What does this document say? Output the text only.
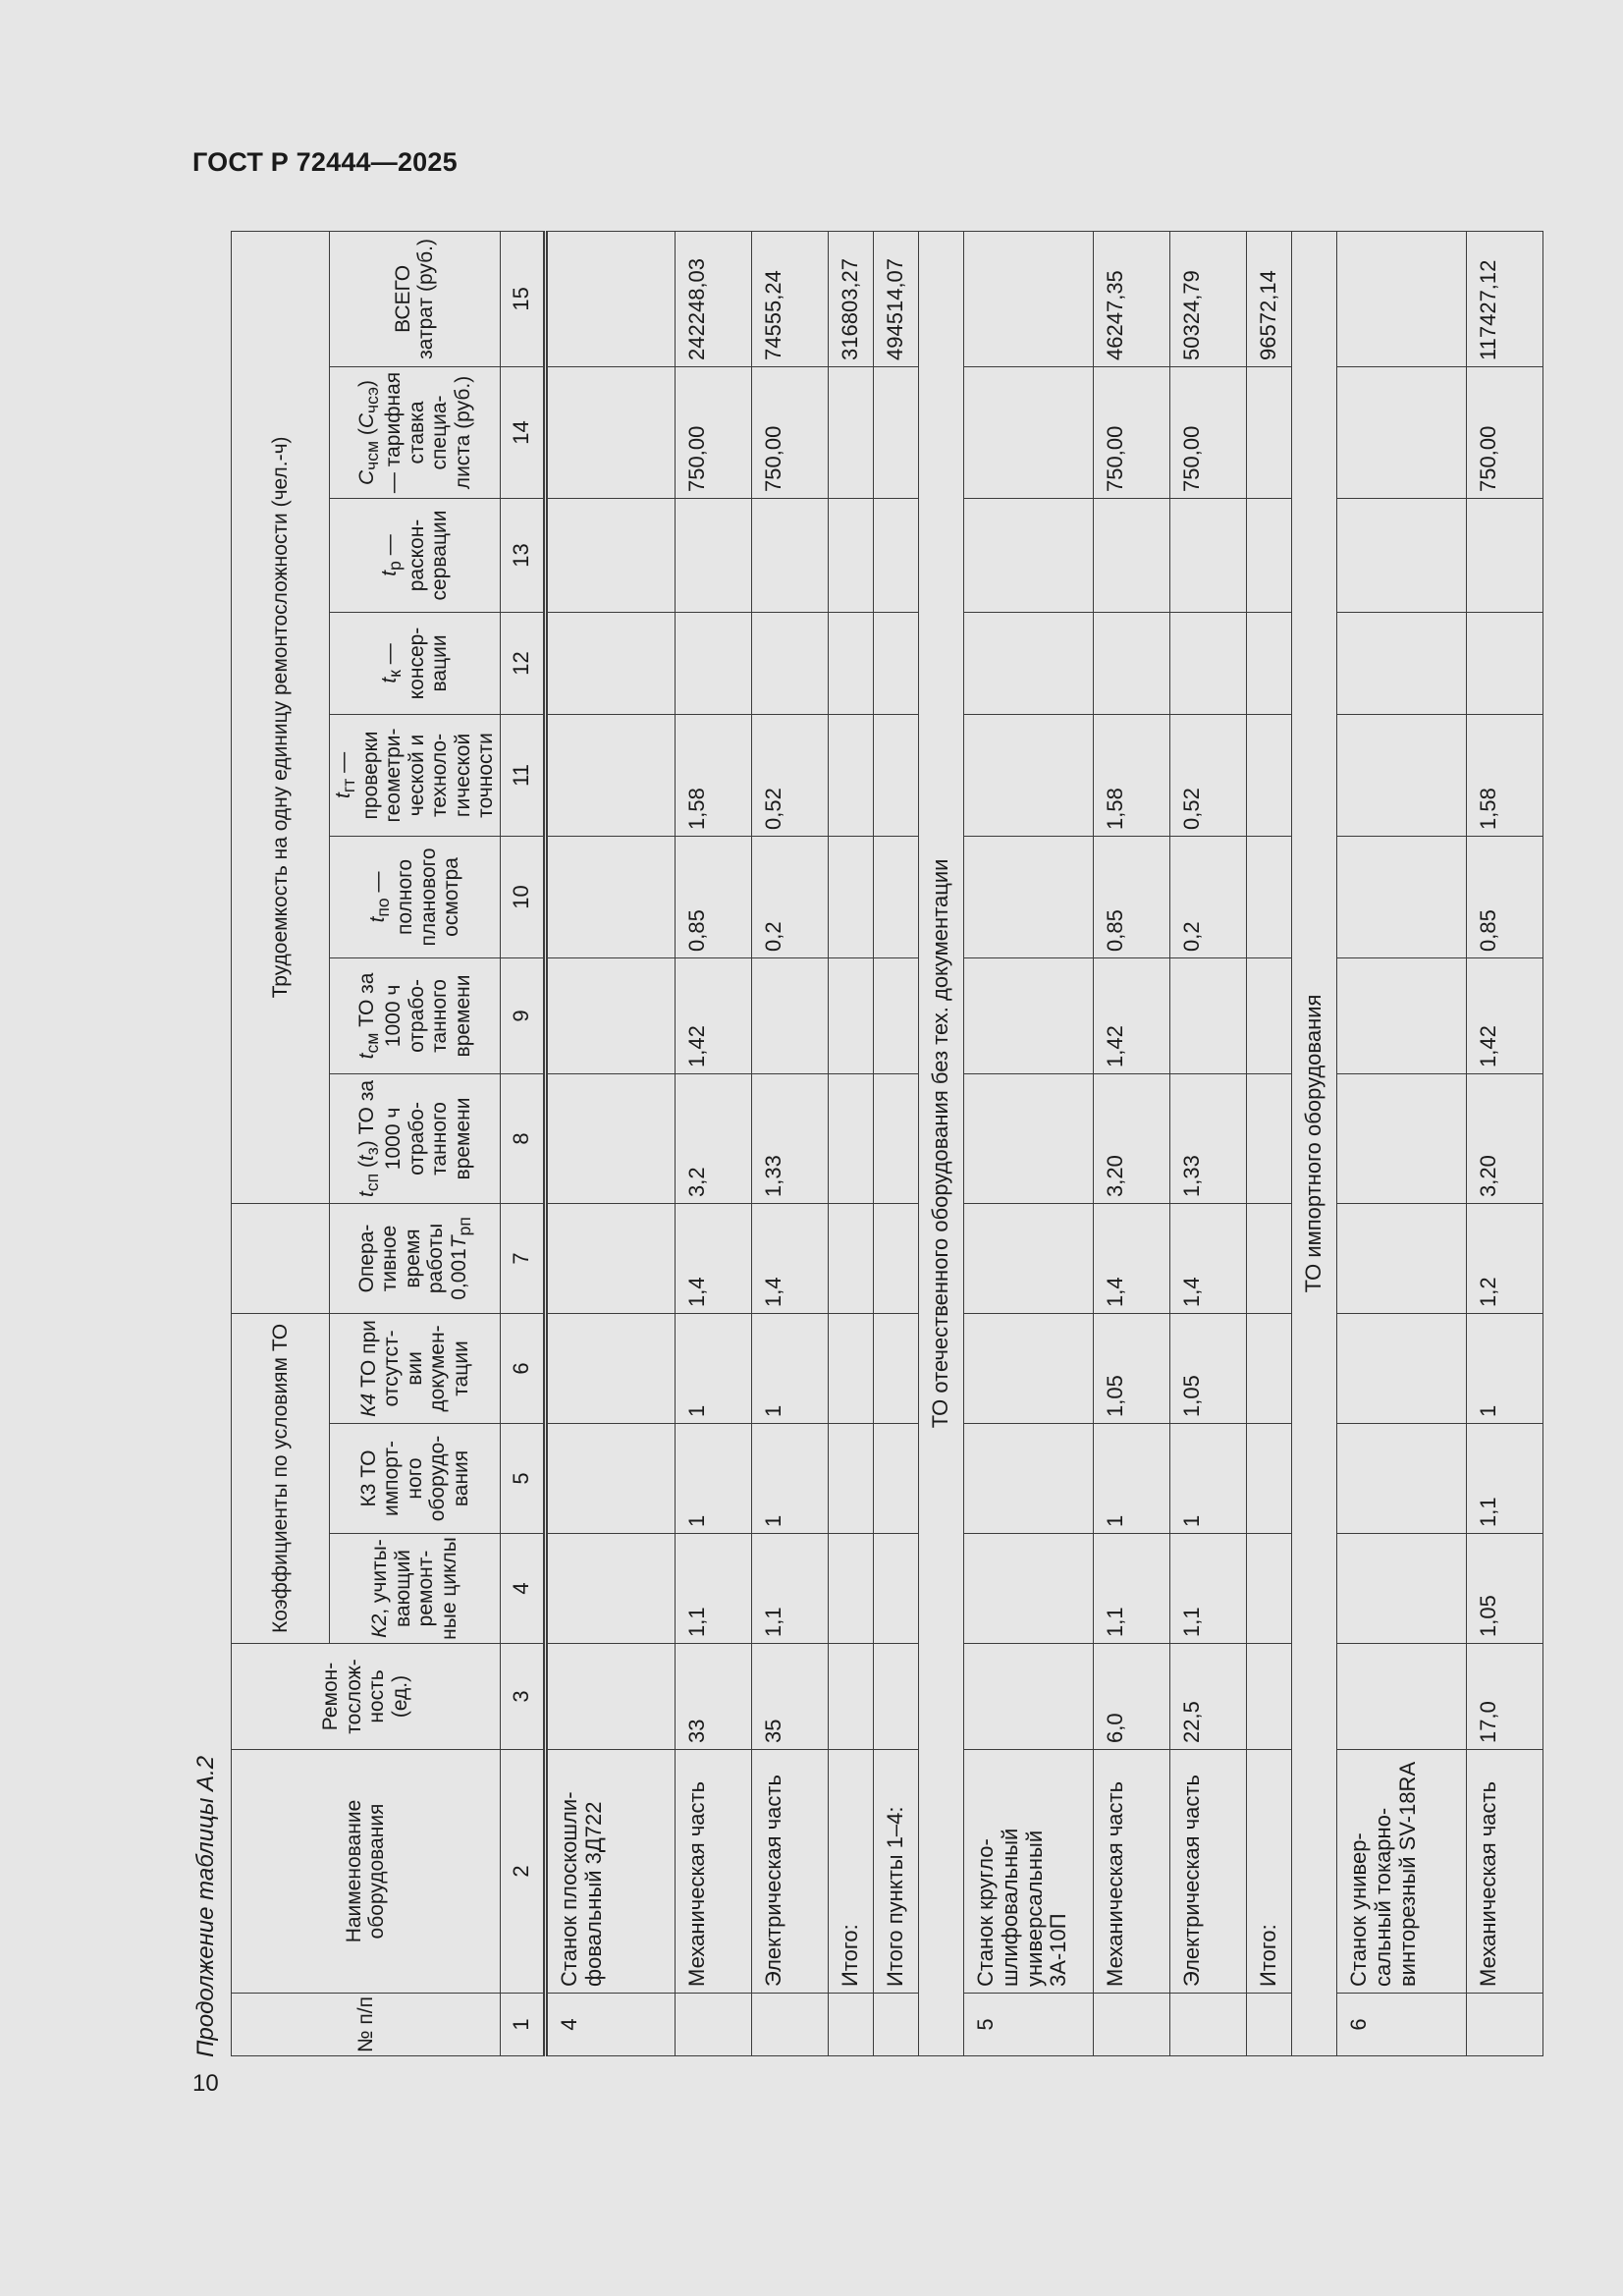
ГОСТ Р 72444—2025
Продолжение таблицы А.2
10
№ п/п	Наименование оборудования	Ремон-тослож-ность (ед.)	Коэффициенты по условиям ТО				Трудоемкость на одну единицу ремонтосложности (чел.-ч)							
			К2, учиты-вающий ремонт-ные циклы	К3 ТО импорт-ного оборудо-вания	К4 ТО при отсутст-вии докумен-тации	Опера-тивное время работы $0,001Т_{рп}$	$t_{сп}$ $(t_з)$ ТО за 1000 ч отрабо-танного времени	$t_{см}$ ТО за 1000 ч отрабо-танного времени	$t_{по}$ — полного планового осмотра	$t_{гт}$ — проверки геометри-ческой и техноло-гической точности	$t_к$ — консер-вации	$t_р$ — раскон-сервации	$С_{чсм}$ $(С_{чсэ})$ — тарифная ставка специа-листа (руб.)	ВСЕГО затрат (руб.)
1	2	3	4	5	6	7	8	9	10	11	12	13	14	15
4	Станок плоскошли-фовальный 3Д722													
	Механическая часть	33	1,1	1	1	1,4	3,2	1,42	0,85	1,58			750,00	242248,03
	Электрическая часть	35	1,1	1	1	1,4	1,33		0,2	0,52			750,00	74555,24
	Итого:													316803,27
	Итого пункты 1–4:													494514,07
ТО отечественного оборудования без тех. документации														
5	Станок кругло-шлифовальный универсальный 3А-10П													
	Механическая часть	6,0	1,1	1	1,05	1,4	3,20	1,42	0,85	1,58			750,00	46247,35
	Электрическая часть	22,5	1,1	1	1,05	1,4	1,33		0,2	0,52			750,00	50324,79
	Итого:													96572,14
ТО импортного оборудования														
6	Станок универ-сальный токарно-винторезный SV-18RA													
	Механическая часть	17,0	1,05	1,1	1	1,2	3,20	1,42	0,85	1,58			750,00	117427,12
